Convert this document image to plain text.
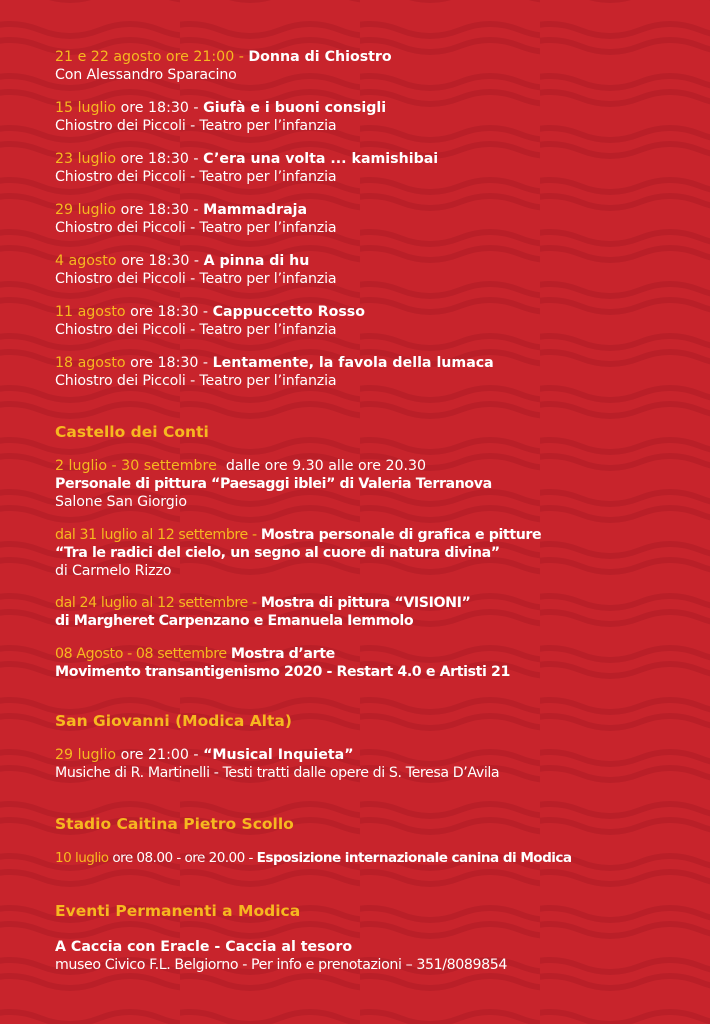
21 e 22 agosto ore 21:00 - Donna di Chiostro
Con Alessandro Sparacino
15 luglio ore 18:30 - Giufà e i buoni consigli
Chiostro dei Piccoli - Teatro per l’infanzia
23 luglio ore 18:30 - C’era una volta ... kamishibai
Chiostro dei Piccoli - Teatro per l’infanzia
29 luglio ore 18:30 - Mammadraja
Chiostro dei Piccoli - Teatro per l’infanzia
4 agosto ore 18:30 - A pinna di hu
Chiostro dei Piccoli - Teatro per l’infanzia
11 agosto ore 18:30 - Cappuccetto Rosso
Chiostro dei Piccoli - Teatro per l’infanzia
18 agosto ore 18:30 - Lentamente, la favola della lumaca
Chiostro dei Piccoli - Teatro per l’infanzia
Castello dei Conti
2 luglio - 30 settembre dalle ore 9.30 alle ore 20.30
Personale di pittura “Paesaggi iblei” di Valeria Terranova
Salone San Giorgio
dal 31 luglio al 12 settembre - Mostra personale di grafica e pitture
“Tra le radici del cielo, un segno al cuore di natura divina”
di Carmelo Rizzo
dal 24 luglio al 12 settembre - Mostra di pittura “VISIONI”
di Margheret Carpenzano e Emanuela Iemmolo
08 Agosto - 08 settembre Mostra d’arte
Movimento transantigenismo 2020 - Restart 4.0 e Artisti 21
San Giovanni (Modica Alta)
29 luglio ore 21:00 - “Musical Inquieta”
Musiche di R. Martinelli - Testi tratti dalle opere di S. Teresa D’Avila
Stadio Caitina Pietro Scollo
10 luglio ore 08.00 - ore 20.00 - Esposizione internazionale canina di Modica
Eventi Permanenti a Modica
A Caccia con Eracle - Caccia al tesoro
museo Civico F.L. Belgiorno - Per info e prenotazioni – 351/8089854
